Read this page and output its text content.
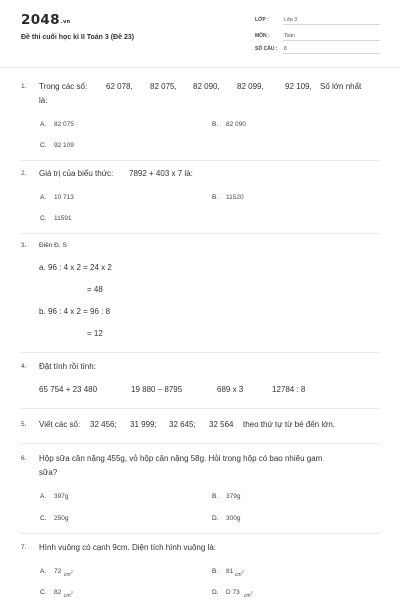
$2048^{.vn}$
Đề thi cuối học kì II Toán 3 (Đề 23)
LỚP :	Lớp 3
MÔN :	Toán
SỐ CÂU : 8
1. Trong các số: 62 078, 82 075, 82 090, 82 099,	92 109, Số lớn nhất
là:
A. 82 075	B. 82 090
C. 92 109
2. Giá trị của biểu thức: 7892 + 403 x 7 là:
A. 10 713	B. 11520
C. 11591
3. Điền Đ, S
a. 96 : 4 x 2 = 24 x 2
= 48
b. 96 : 4 x 2 = 96 : 8
= 12
4. Đặt tính rồi tính:
65 754 + 23 480	19 880 – 8795	689 x 3	12784 : 8
5. Viết các số: 32 456; 31 999; 32 645; 32 564 theo thứ tự từ bé đến lớn.
6. Hộp sữa cân nặng 455g, vỏ hộp cân nặng 58g. Hỏi trong hộp có bao nhiêu gam
sữa?
A. 397g	B. 379g
C. 250g	D. 300g
7. Hình vuông có cạnh 9cm. Diện tích hình vuông là:
A. 72 $cm^2$	B. 81 $cm^2$
C. 82 $cm^2$	D. D 73 $cm^2$
